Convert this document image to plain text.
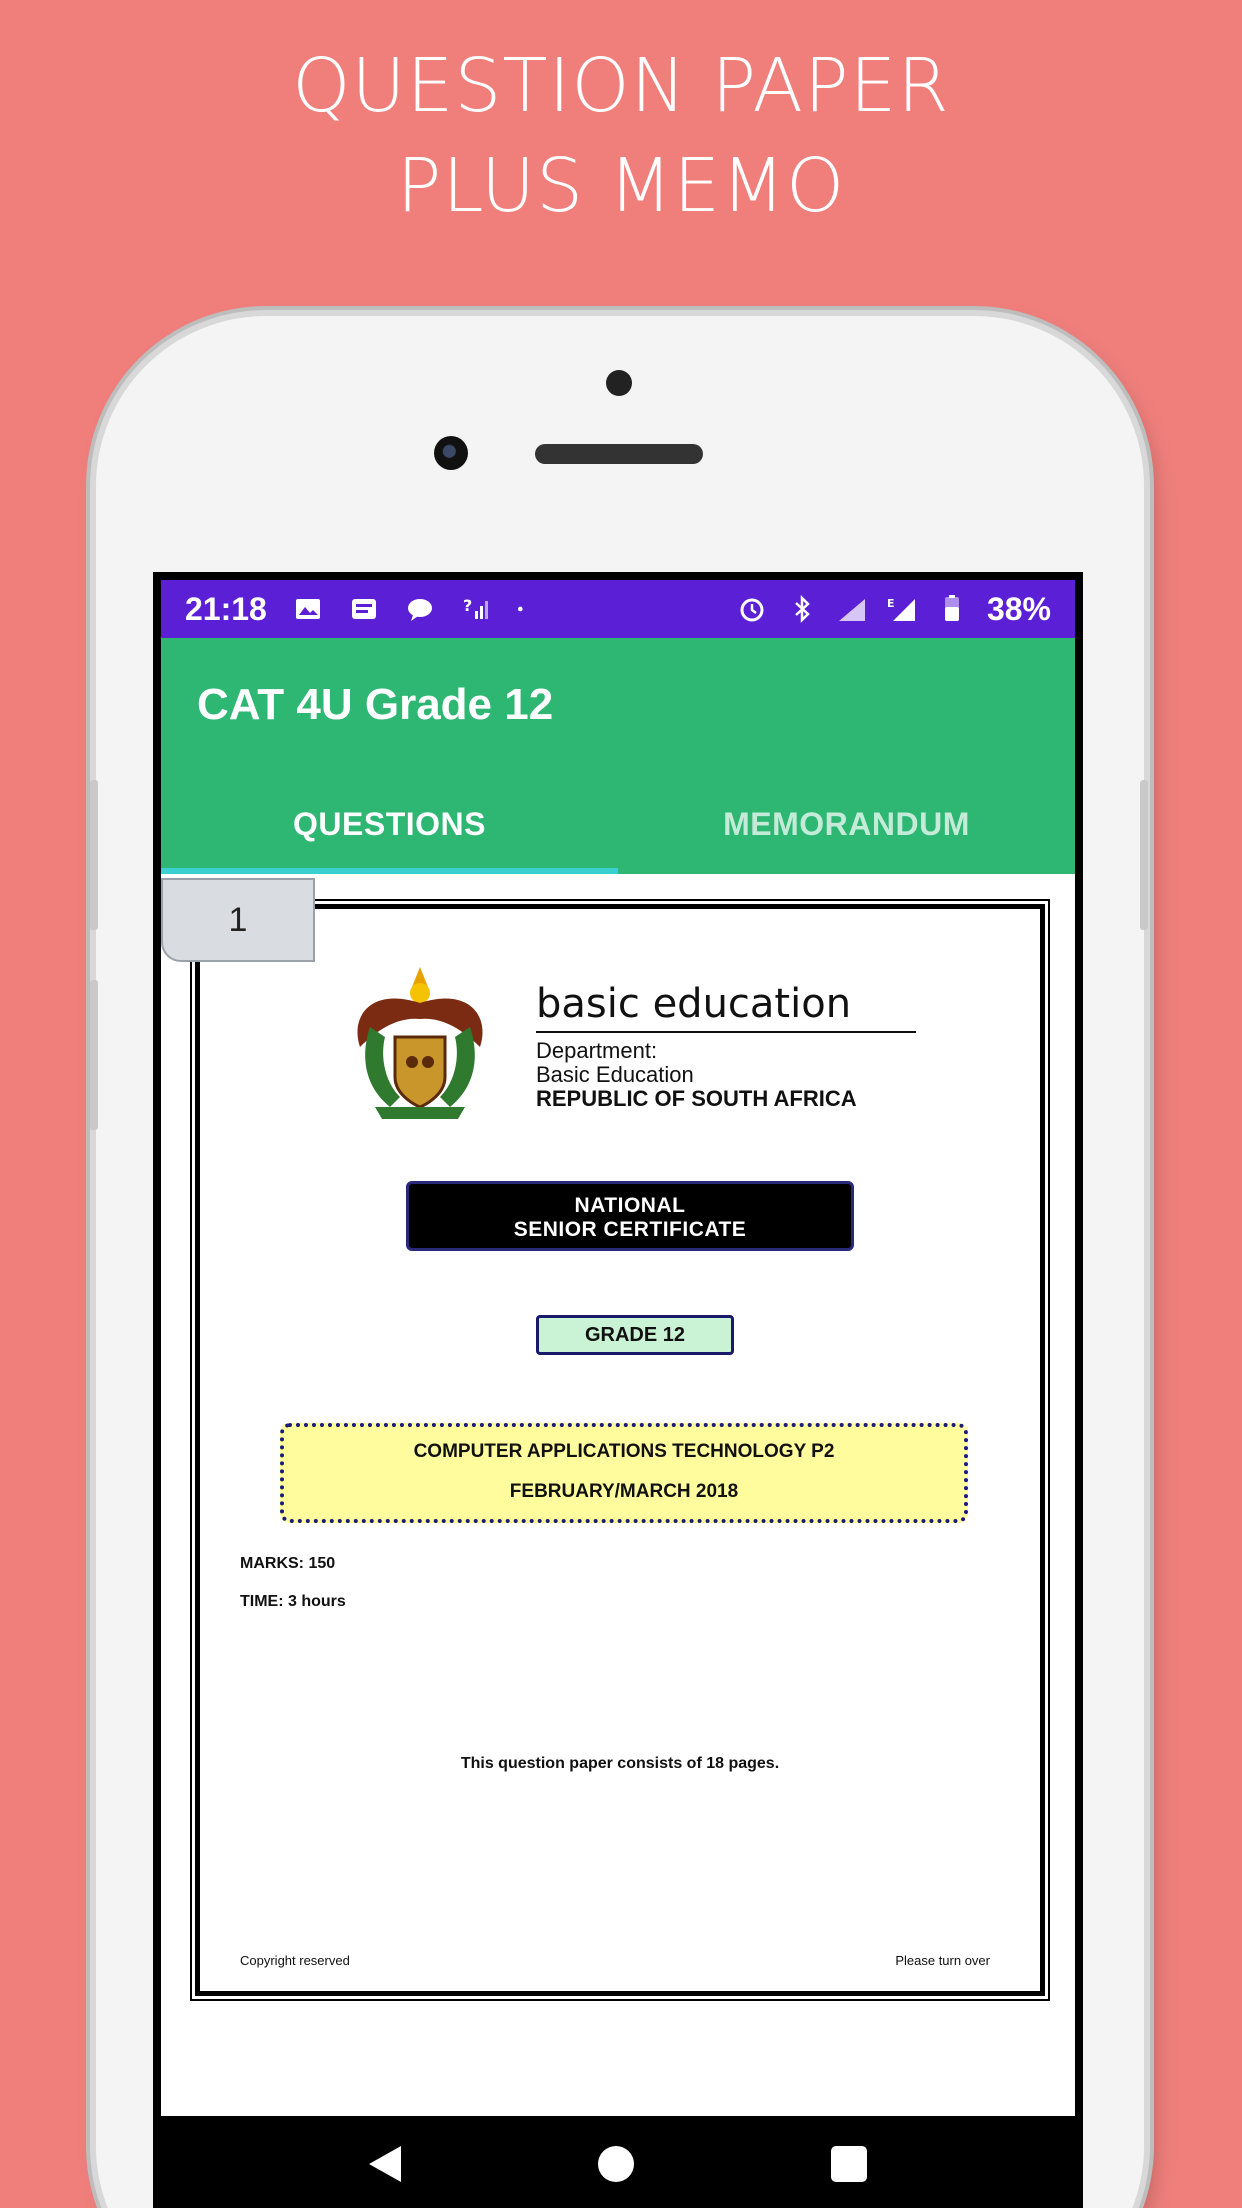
QUESTION PAPER
PLUS MEMO
21:18	?	E	38%
CAT 4U Grade 12
QUESTIONS	MEMORANDUM
1
basic education
Department:
Basic Education
REPUBLIC OF SOUTH AFRICA
NATIONAL
SENIOR CERTIFICATE
GRADE 12
COMPUTER APPLICATIONS TECHNOLOGY P2
FEBRUARY/MARCH 2018
MARKS: 150
TIME: 3 hours
This question paper consists of 18 pages.
Copyright reserved	Please turn over
